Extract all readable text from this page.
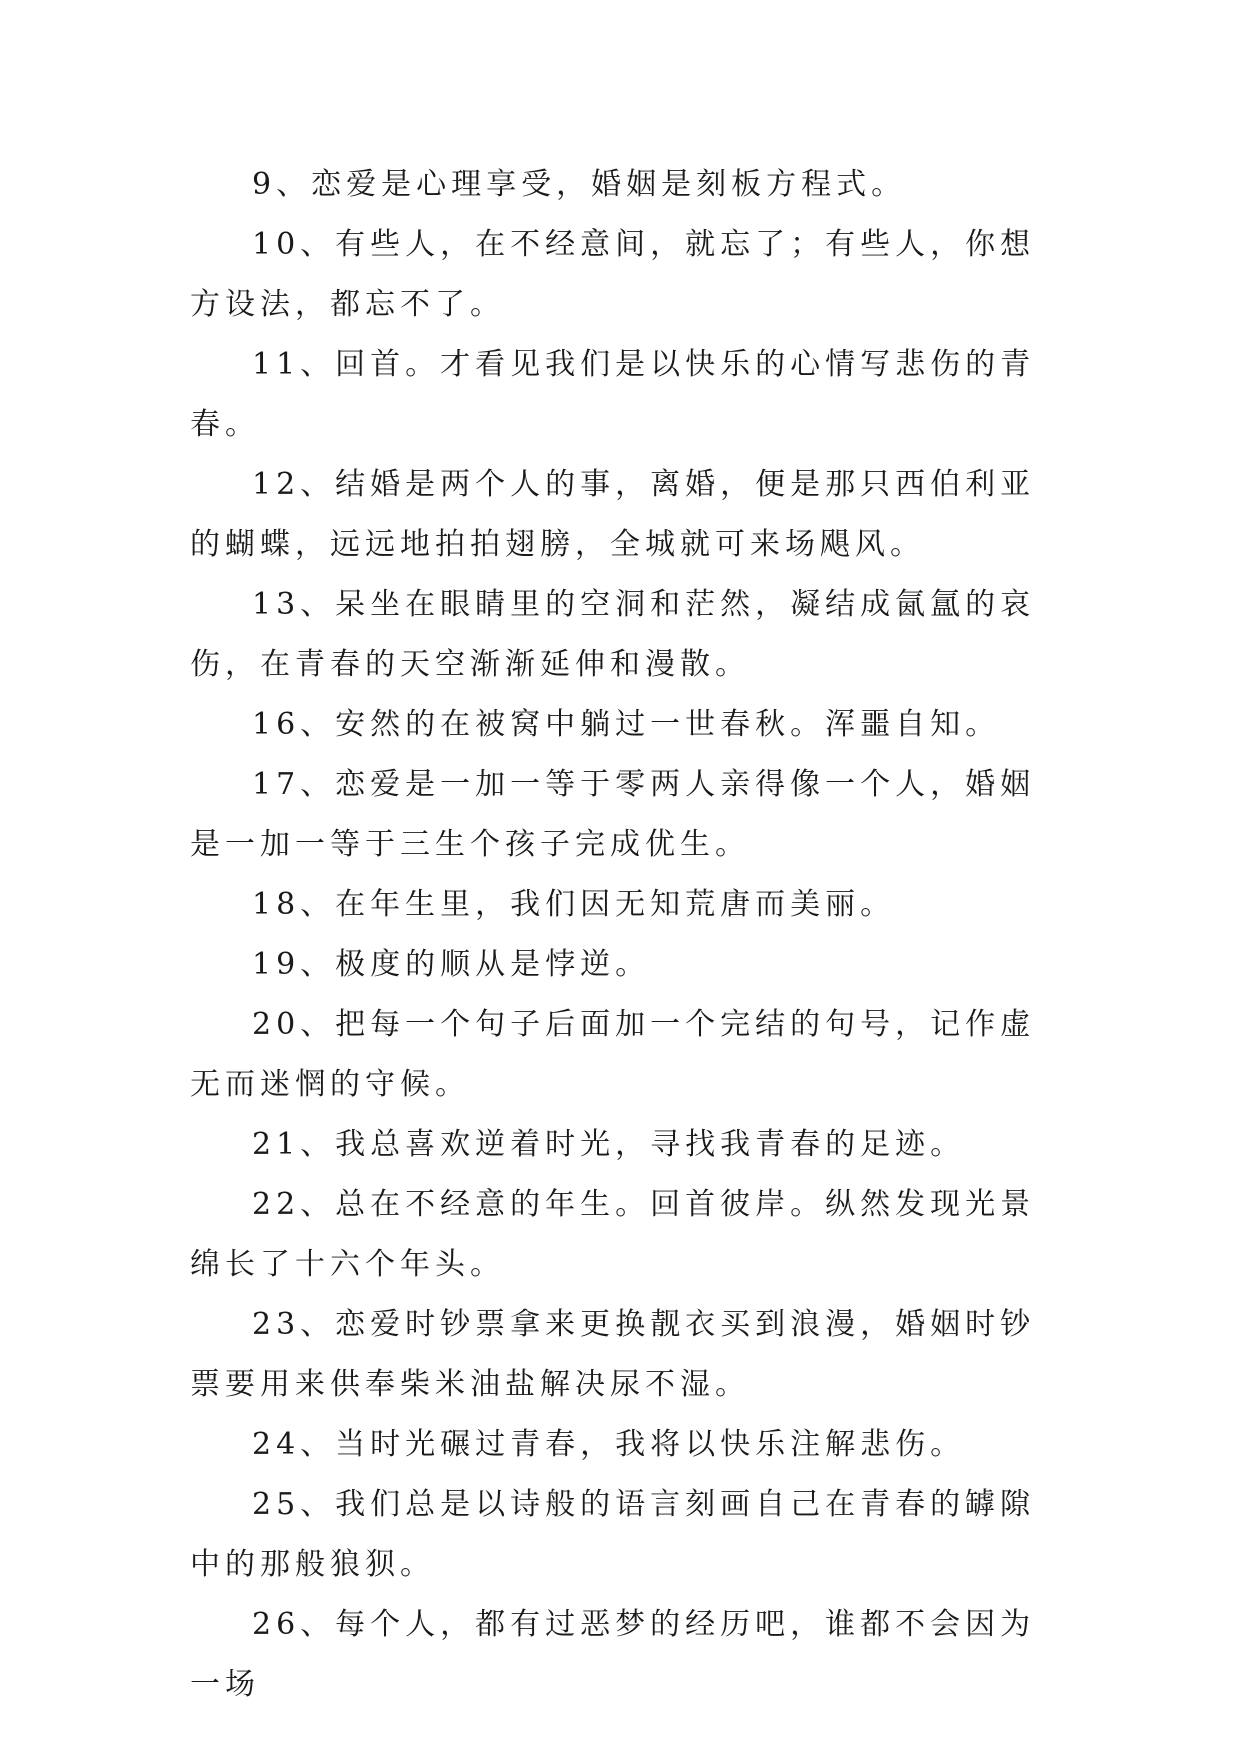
9、恋爱是心理享受，婚姻是刻板方程式。

10、有些人，在不经意间，就忘了；有些人，你想方设法，都忘不了。

11、回首。才看见我们是以快乐的心情写悲伤的青春。

12、结婚是两个人的事，离婚，便是那只西伯利亚的蝴蝶，远远地拍拍翅膀，全城就可来场飓风。

13、呆坐在眼睛里的空洞和茫然，凝结成氤氲的哀伤，在青春的天空渐渐延伸和漫散。

16、安然的在被窝中躺过一世春秋。浑噩自知。

17、恋爱是一加一等于零两人亲得像一个人，婚姻是一加一等于三生个孩子完成优生。

18、在年生里，我们因无知荒唐而美丽。

19、极度的顺从是悖逆。

20、把每一个句子后面加一个完结的句号，记作虚无而迷惘的守候。

21、我总喜欢逆着时光，寻找我青春的足迹。

22、总在不经意的年生。回首彼岸。纵然发现光景绵长了十六个年头。

23、恋爱时钞票拿来更换靓衣买到浪漫，婚姻时钞票要用来供奉柴米油盐解决尿不湿。

24、当时光碾过青春，我将以快乐注解悲伤。

25、我们总是以诗般的语言刻画自己在青春的罅隙中的那般狼狈。

26、每个人，都有过恶梦的经历吧，谁都不会因为一场
